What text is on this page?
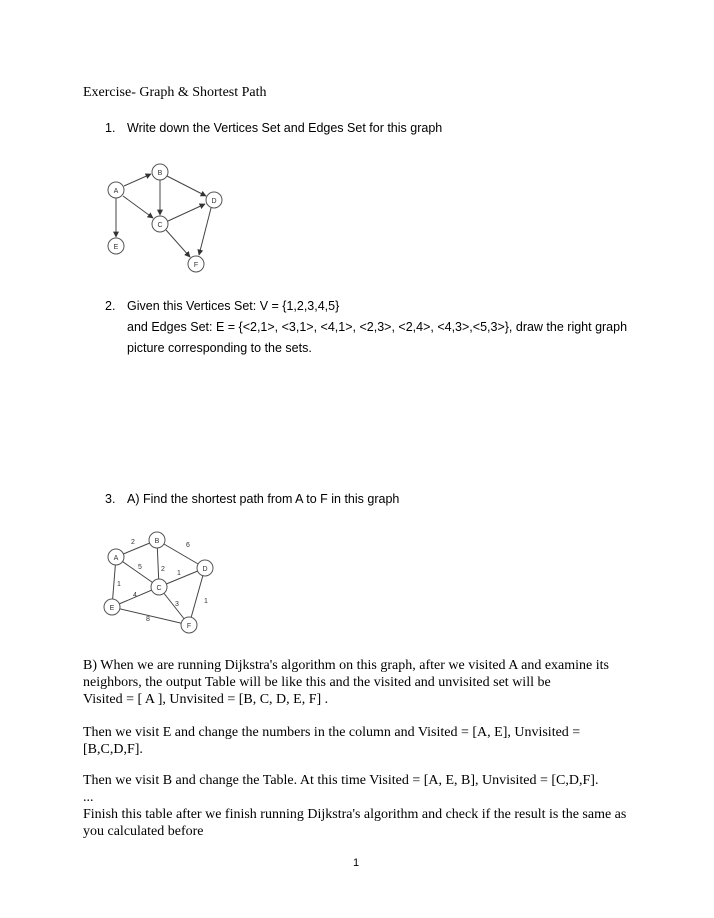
Exercise- Graph & Shortest Path
1. Write down the Vertices Set and Edges Set for this graph
A
B
C
D
E
F
2. Given this Vertices Set: V = {1,2,3,4,5}
and Edges Set: E = {<2,1>, <3,1>, <4,1>, <2,3>, <2,4>, <4,3>,<5,3>}, draw the right graph
picture corresponding to the sets.
3. A) Find the shortest path from A to F in this graph
A
B
C
D
E
F
2	6
5	2
1
1
4
3	1
8
B) When we are running Dijkstra's algorithm on this graph, after we visited A and examine its
neighbors, the output Table will be like this and the visited and unvisited set will be
Visited = [ A ], Unvisited = [B, C, D, E, F] .
Then we visit E and change the numbers in the column and Visited = [A, E], Unvisited =
[B,C,D,F].
Then we visit B and change the Table. At this time Visited = [A, E, B], Unvisited = [C,D,F].
...
Finish this table after we finish running Dijkstra's algorithm and check if the result is the same as
you calculated before
1
